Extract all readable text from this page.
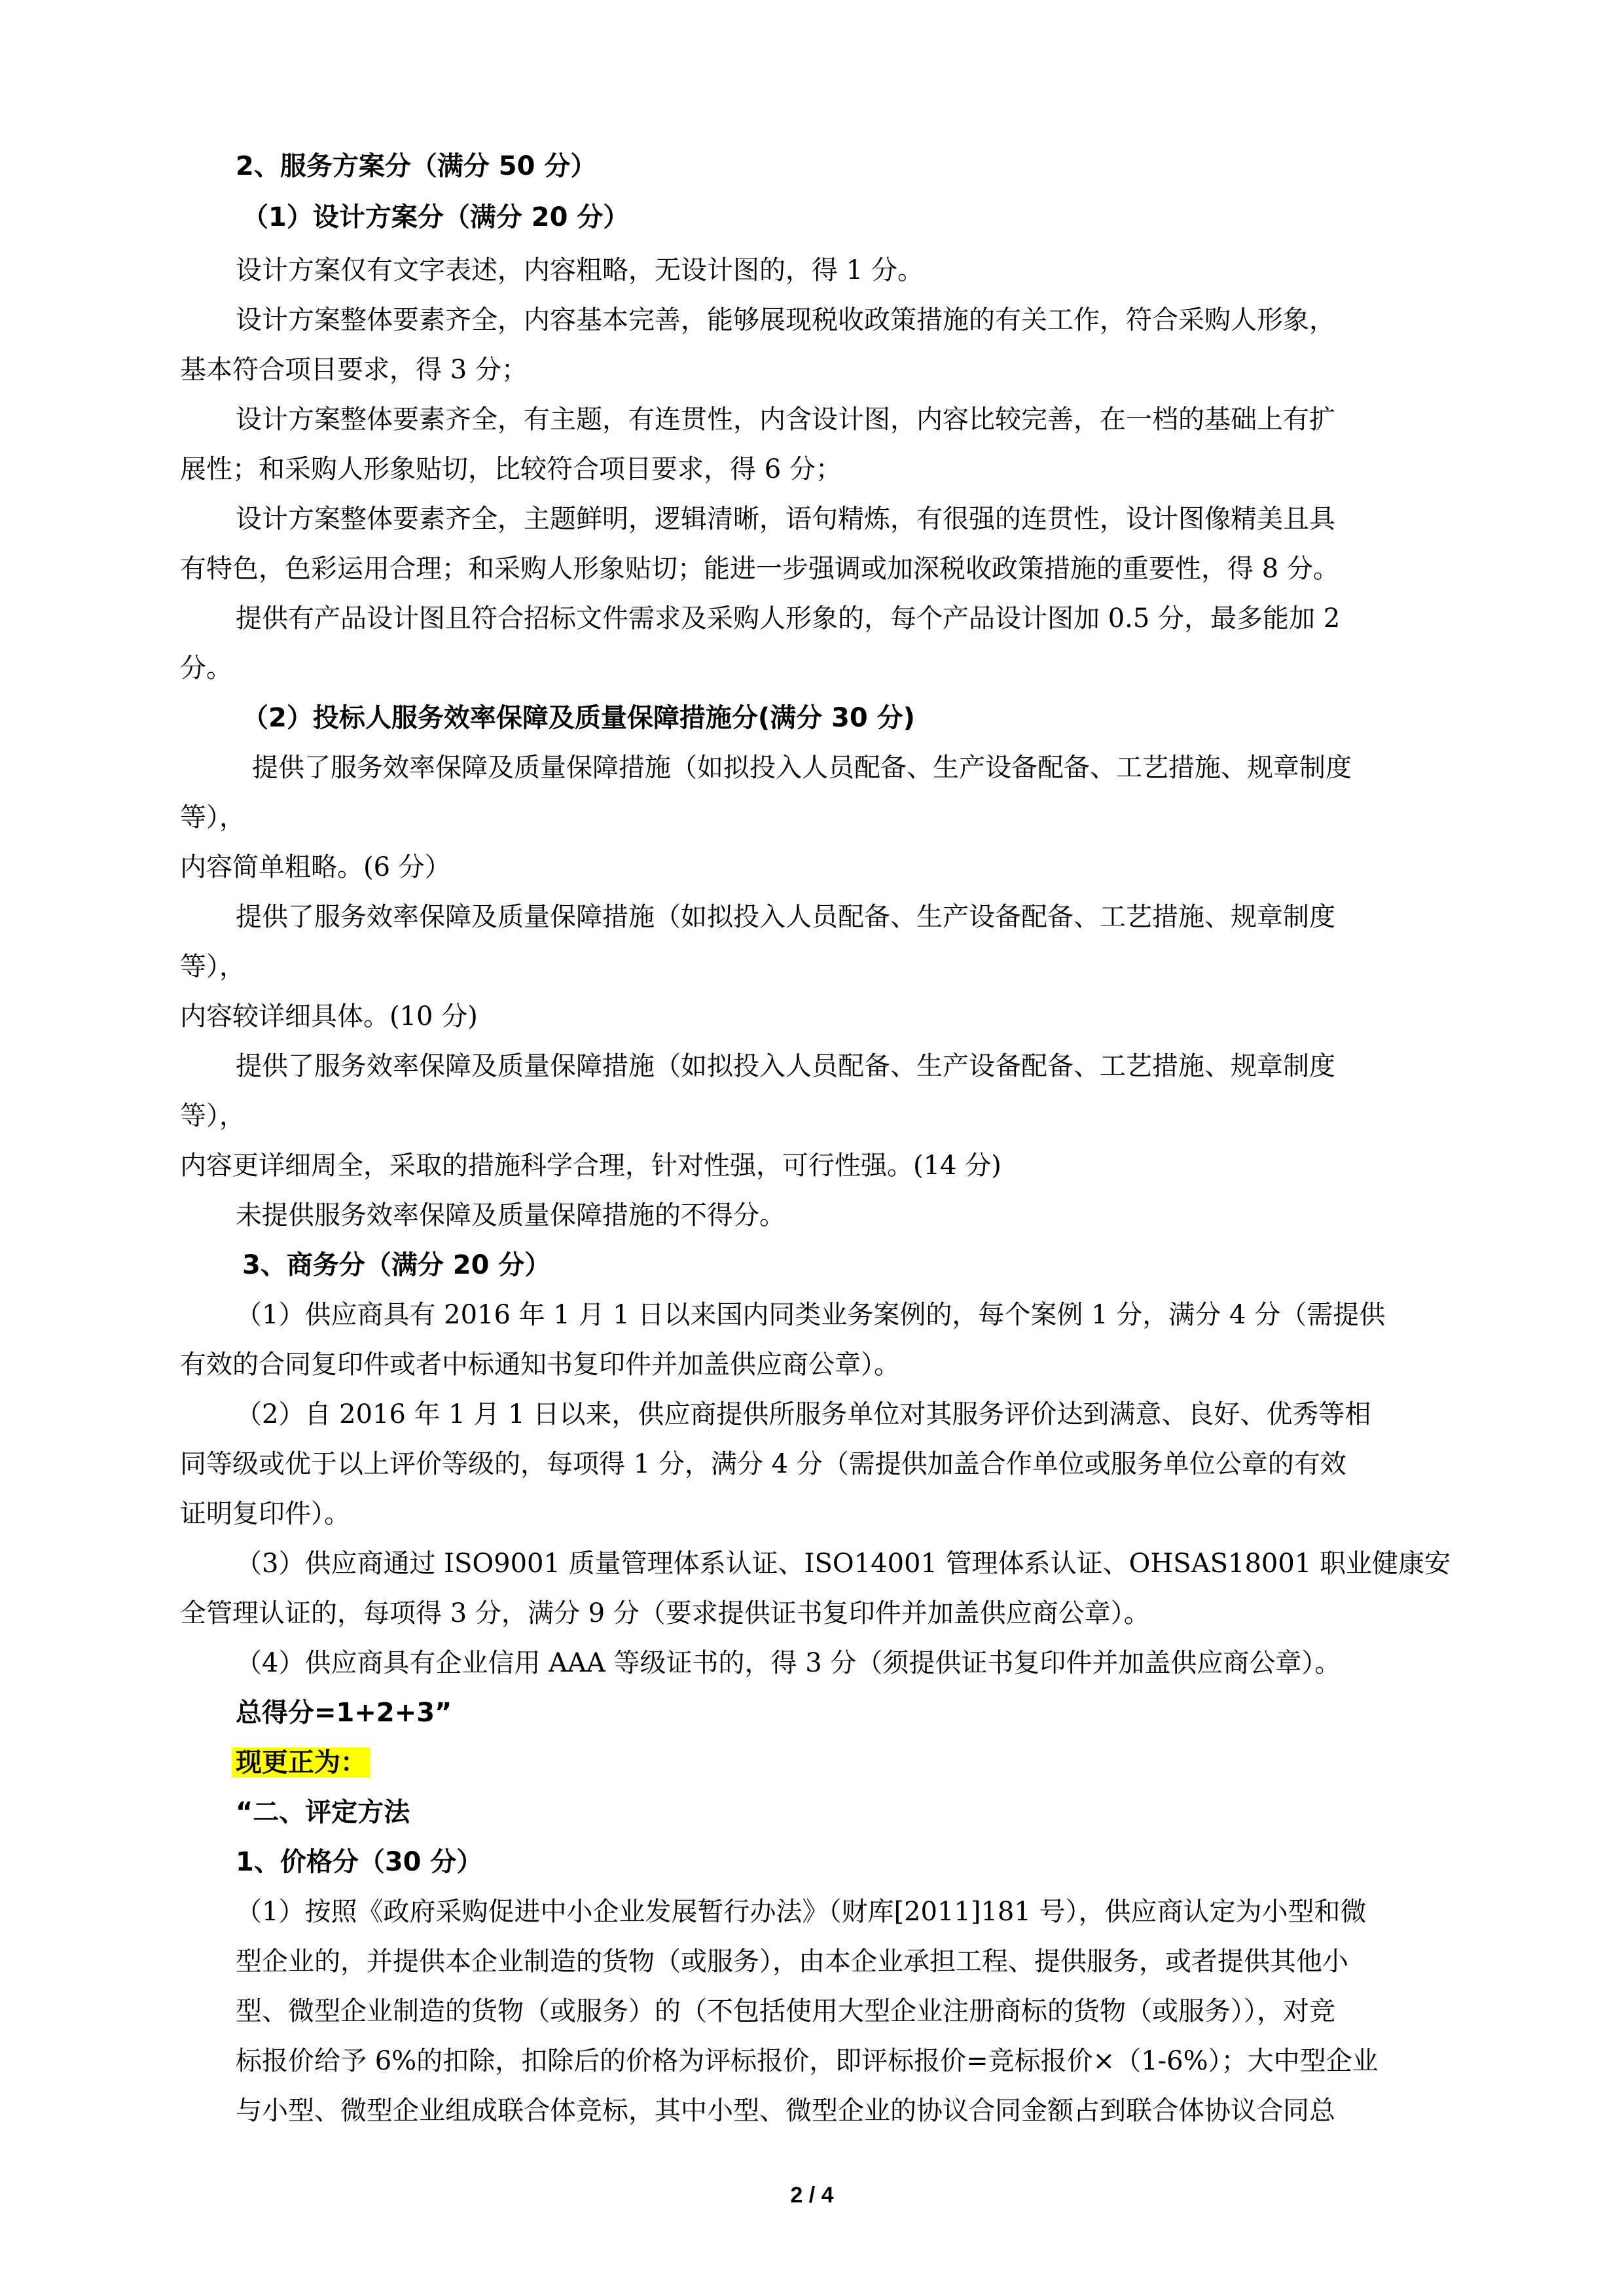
2、服务方案分（满分 50 分）
（1）设计方案分（满分 20 分）
设计方案仅有文字表述，内容粗略，无设计图的，得 1 分。
设计方案整体要素齐全，内容基本完善，能够展现税收政策措施的有关工作，符合采购人形象，
基本符合项目要求，得 3 分；
设计方案整体要素齐全，有主题，有连贯性，内含设计图，内容比较完善，在一档的基础上有扩
展性；和采购人形象贴切，比较符合项目要求，得 6 分；
设计方案整体要素齐全，主题鲜明，逻辑清晰，语句精炼，有很强的连贯性，设计图像精美且具
有特色，色彩运用合理；和采购人形象贴切；能进一步强调或加深税收政策措施的重要性，得 8 分。
提供有产品设计图且符合招标文件需求及采购人形象的，每个产品设计图加 0.5 分，最多能加 2
分。
（2）投标人服务效率保障及质量保障措施分(满分 30 分)
提供了服务效率保障及质量保障措施（如拟投入人员配备、生产设备配备、工艺措施、规章制度
等），
内容简单粗略。(6 分）
提供了服务效率保障及质量保障措施（如拟投入人员配备、生产设备配备、工艺措施、规章制度
等），
内容较详细具体。(10 分)
提供了服务效率保障及质量保障措施（如拟投入人员配备、生产设备配备、工艺措施、规章制度
等），
内容更详细周全，采取的措施科学合理，针对性强，可行性强。(14 分)
未提供服务效率保障及质量保障措施的不得分。
3、商务分（满分 20 分）
（1）供应商具有 2016 年 1 月 1 日以来国内同类业务案例的，每个案例 1 分，满分 4 分（需提供
有效的合同复印件或者中标通知书复印件并加盖供应商公章）。
（2）自 2016 年 1 月 1 日以来，供应商提供所服务单位对其服务评价达到满意、良好、优秀等相
同等级或优于以上评价等级的，每项得 1 分，满分 4 分（需提供加盖合作单位或服务单位公章的有效
证明复印件）。
（3）供应商通过 ISO9001 质量管理体系认证、ISO14001 管理体系认证、OHSAS18001 职业健康安
全管理认证的，每项得 3 分，满分 9 分（要求提供证书复印件并加盖供应商公章）。
（4）供应商具有企业信用 AAA 等级证书的，得 3 分（须提供证书复印件并加盖供应商公章）。
总得分=1+2+3”
现更正为：
“二、评定方法
1、价格分（30 分）
（1）按照《政府采购促进中小企业发展暂行办法》（财库[2011]181 号），供应商认定为小型和微
型企业的，并提供本企业制造的货物（或服务），由本企业承担工程、提供服务，或者提供其他小
型、微型企业制造的货物（或服务）的（不包括使用大型企业注册商标的货物（或服务）），对竞
标报价给予 6%的扣除，扣除后的价格为评标报价，即评标报价=竞标报价×（1-6%）；大中型企业
与小型、微型企业组成联合体竞标，其中小型、微型企业的协议合同金额占到联合体协议合同总
2 / 4
